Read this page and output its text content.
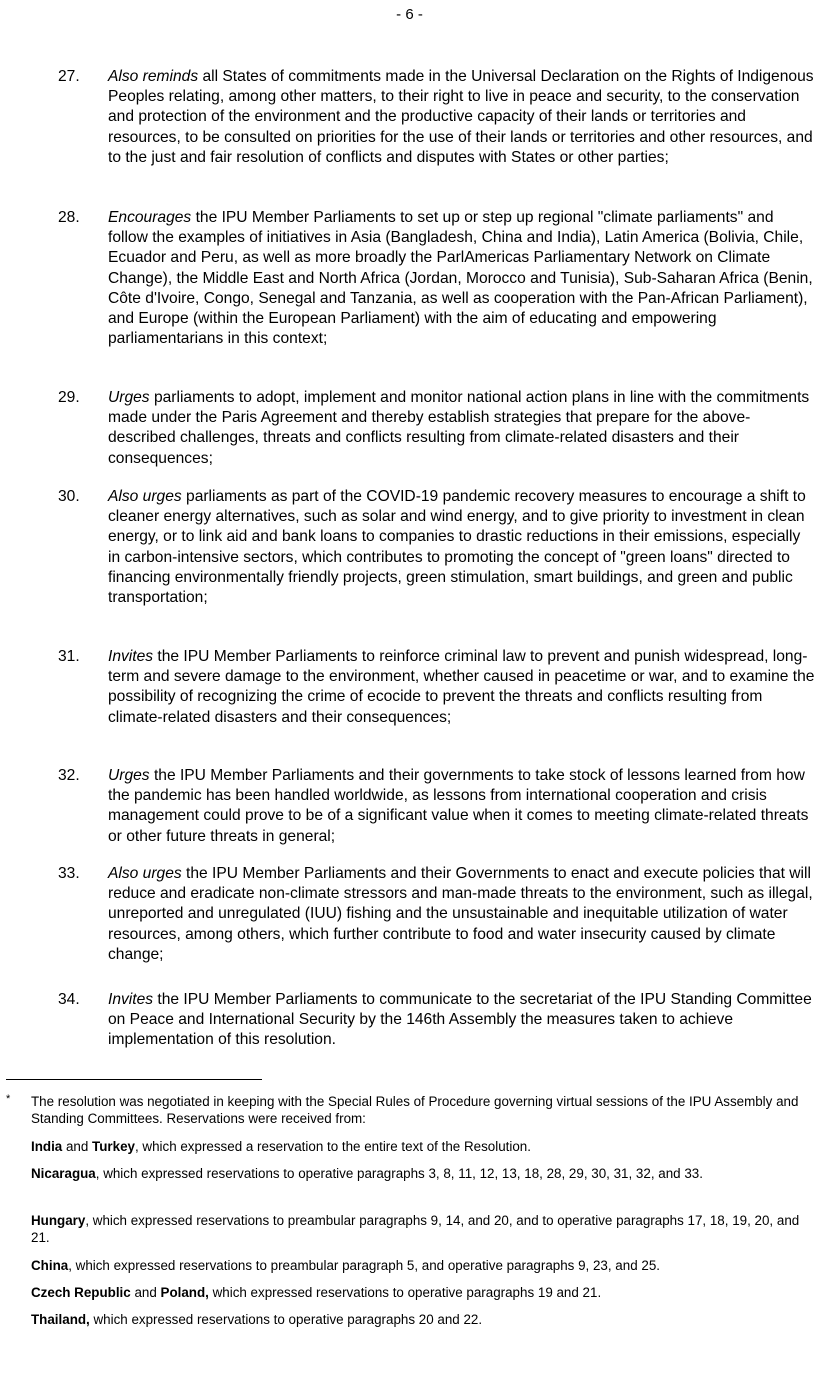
- 6 -
27. Also reminds all States of commitments made in the Universal Declaration on the Rights of Indigenous Peoples relating, among other matters, to their right to live in peace and security, to the conservation and protection of the environment and the productive capacity of their lands or territories and resources, to be consulted on priorities for the use of their lands or territories and other resources, and to the just and fair resolution of conflicts and disputes with States or other parties;
28. Encourages the IPU Member Parliaments to set up or step up regional "climate parliaments" and follow the examples of initiatives in Asia (Bangladesh, China and India), Latin America (Bolivia, Chile, Ecuador and Peru, as well as more broadly the ParlAmericas Parliamentary Network on Climate Change), the Middle East and North Africa (Jordan, Morocco and Tunisia), Sub-Saharan Africa (Benin, Côte d'Ivoire, Congo, Senegal and Tanzania, as well as cooperation with the Pan-African Parliament), and Europe (within the European Parliament) with the aim of educating and empowering parliamentarians in this context;
29. Urges parliaments to adopt, implement and monitor national action plans in line with the commitments made under the Paris Agreement and thereby establish strategies that prepare for the above-described challenges, threats and conflicts resulting from climate-related disasters and their consequences;
30. Also urges parliaments as part of the COVID-19 pandemic recovery measures to encourage a shift to cleaner energy alternatives, such as solar and wind energy, and to give priority to investment in clean energy, or to link aid and bank loans to companies to drastic reductions in their emissions, especially in carbon-intensive sectors, which contributes to promoting the concept of "green loans" directed to financing environmentally friendly projects, green stimulation, smart buildings, and green and public transportation;
31. Invites the IPU Member Parliaments to reinforce criminal law to prevent and punish widespread, long-term and severe damage to the environment, whether caused in peacetime or war, and to examine the possibility of recognizing the crime of ecocide to prevent the threats and conflicts resulting from climate-related disasters and their consequences;
32. Urges the IPU Member Parliaments and their governments to take stock of lessons learned from how the pandemic has been handled worldwide, as lessons from international cooperation and crisis management could prove to be of a significant value when it comes to meeting climate-related threats or other future threats in general;
33. Also urges the IPU Member Parliaments and their Governments to enact and execute policies that will reduce and eradicate non-climate stressors and man-made threats to the environment, such as illegal, unreported and unregulated (IUU) fishing and the unsustainable and inequitable utilization of water resources, among others, which further contribute to food and water insecurity caused by climate change;
34. Invites the IPU Member Parliaments to communicate to the secretariat of the IPU Standing Committee on Peace and International Security by the 146th Assembly the measures taken to achieve implementation of this resolution.
* The resolution was negotiated in keeping with the Special Rules of Procedure governing virtual sessions of the IPU Assembly and Standing Committees. Reservations were received from:
India and Turkey, which expressed a reservation to the entire text of the Resolution.
Nicaragua, which expressed reservations to operative paragraphs 3, 8, 11, 12, 13, 18, 28, 29, 30, 31, 32, and 33.
Hungary, which expressed reservations to preambular paragraphs 9, 14, and 20, and to operative paragraphs 17, 18, 19, 20, and 21.
China, which expressed reservations to preambular paragraph 5, and operative paragraphs 9, 23, and 25.
Czech Republic and Poland, which expressed reservations to operative paragraphs 19 and 21.
Thailand, which expressed reservations to operative paragraphs 20 and 22.
